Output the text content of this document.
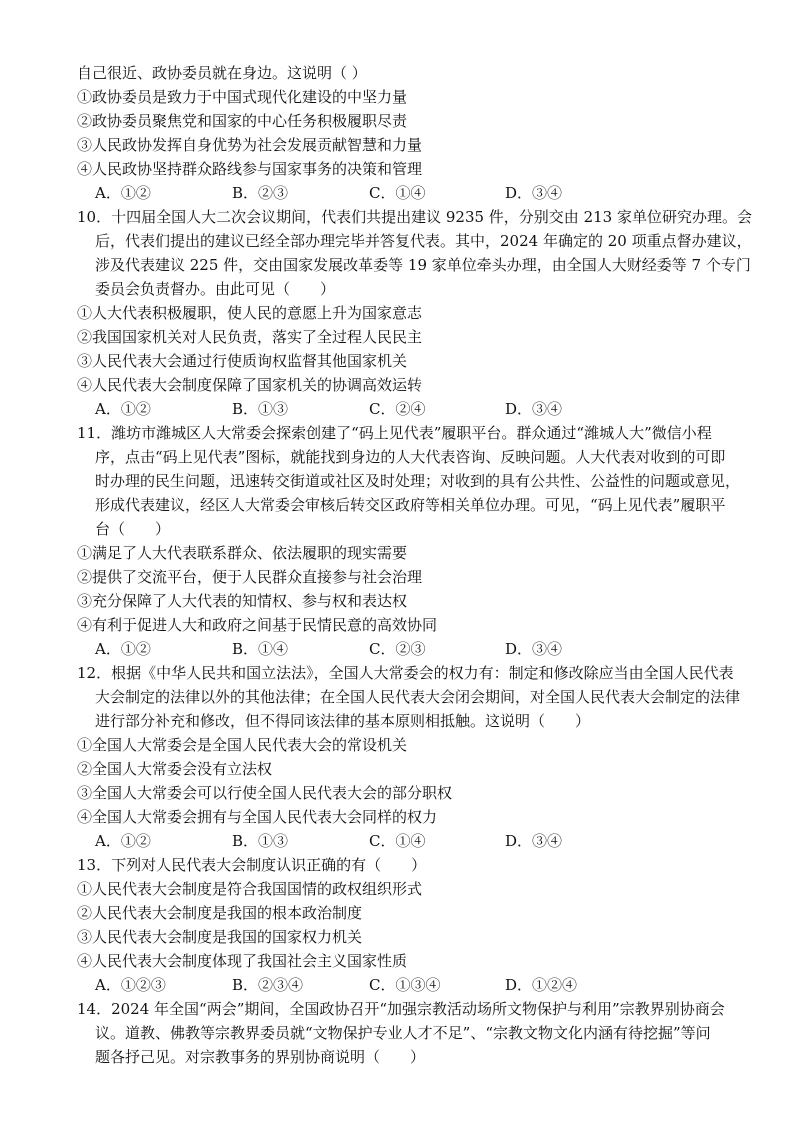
自己很近、政协委员就在身边。这说明（ ）
①政协委员是致力于中国式现代化建设的中坚力量
②政协委员聚焦党和国家的中心任务积极履职尽责
③人民政协发挥自身优势为社会发展贡献智慧和力量
④人民政协坚持群众路线参与国家事务的决策和管理
A．①②	B．②③	C．①④	D．③④
10．十四届全国人大二次会议期间，代表们共提出建议 9235 件，分别交由 213 家单位研究办理。会
后，代表们提出的建议已经全部办理完毕并答复代表。其中，2024 年确定的 20 项重点督办建议，
涉及代表建议 225 件，交由国家发展改革委等 19 家单位牵头办理，由全国人大财经委等 7 个专门
委员会负责督办。由此可见（　　）
①人大代表积极履职，使人民的意愿上升为国家意志
②我国国家机关对人民负责，落实了全过程人民民主
③人民代表大会通过行使质询权监督其他国家机关
④人民代表大会制度保障了国家机关的协调高效运转
A．①②	B．①③	C．②④	D．③④
11．潍坊市潍城区人大常委会探索创建了“码上见代表”履职平台。群众通过“潍城人大”微信小程
序，点击“码上见代表”图标，就能找到身边的人大代表咨询、反映问题。人大代表对收到的可即
时办理的民生问题，迅速转交街道或社区及时处理；对收到的具有公共性、公益性的问题或意见，
形成代表建议，经区人大常委会审核后转交区政府等相关单位办理。可见，“码上见代表”履职平
台（　　）
①满足了人大代表联系群众、依法履职的现实需要
②提供了交流平台，便于人民群众直接参与社会治理
③充分保障了人大代表的知情权、参与权和表达权
④有利于促进人大和政府之间基于民情民意的高效协同
A．①②	B．①④	C．②③	D．③④
12．根据《中华人民共和国立法法》，全国人大常委会的权力有：制定和修改除应当由全国人民代表
大会制定的法律以外的其他法律；在全国人民代表大会闭会期间，对全国人民代表大会制定的法律
进行部分补充和修改，但不得同该法律的基本原则相抵触。这说明（　　）
①全国人大常委会是全国人民代表大会的常设机关
②全国人大常委会没有立法权
③全国人大常委会可以行使全国人民代表大会的部分职权
④全国人大常委会拥有与全国人民代表大会同样的权力
A．①②	B．①③	C．①④	D．③④
13．下列对人民代表大会制度认识正确的有（　　）
①人民代表大会制度是符合我国国情的政权组织形式
②人民代表大会制度是我国的根本政治制度
③人民代表大会制度是我国的国家权力机关
④人民代表大会制度体现了我国社会主义国家性质
A．①②③	B．②③④	C．①③④	D．①②④
14．2024 年全国“两会”期间，全国政协召开“加强宗教活动场所文物保护与利用”宗教界别协商会
议。道教、佛教等宗教界委员就“文物保护专业人才不足”、“宗教文物文化内涵有待挖掘”等问
题各抒己见。对宗教事务的界别协商说明（　　）
